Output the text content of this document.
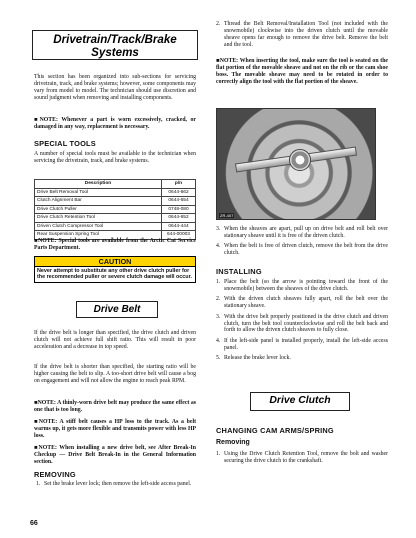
Drivetrain/Track/Brake
Systems

This section has been organized into sub-sections for servicing drivetrain, track, and brake systems; however, some components may vary from model to model. The technician should use discretion and sound judgment when removing and installing components.

■NOTE: Whenever a part is worn excessively, cracked, or damaged in any way, replacement is necessary.

SPECIAL TOOLS

A number of special tools must be available to the technician when servicing the drivetrain, track, and brake systems.

Description	p/n
Drive Belt Removal Tool	0644-662
Clutch Alignment Bar	0644-654
Drive Clutch Puller	0748-080
Drive Clutch Retention Tool	0644-652
Driven Clutch Compressor Tool	0644-444
Rear Suspension Spring Tool	644-00003

■NOTE: Special tools are available from the Arctic Cat Service Parts Department.

CAUTION
Never attempt to substitute any other drive clutch puller for the recommended puller or severe clutch damage will occur.
Drive Belt

If the drive belt is longer than specified, the drive clutch and driven clutch will not achieve full shift ratio. This will result in poor acceleration and a decrease in top speed.

If the drive belt is shorter than specified, the starting ratio will be higher causing the belt to slip. A too-short drive belt will cause a bog on engagement and will not allow the engine to reach peak RPM.

■NOTE: A thinly-worn drive belt may produce the same effect as one that is too long.

■NOTE: A stiff belt causes a HP loss to the track. As a belt warms up, it gets more flexible and transmits power with less HP loss.

■NOTE: When installing a new drive belt, see After Break-In Checkup — Drive Belt Break-In in the General Information section.

REMOVING
1. Set the brake lever lock; then remove the left-side access panel.
66
2. Thread the Belt Removal/Installation Tool (not included with the snowmobile) clockwise into the driven clutch until the movable sheave opens far enough to remove the drive belt. Remove the belt and the tool.

■NOTE: When inserting the tool, make sure the tool is seated on the flat portion of the movable sheave and not on the rib or the cam shoe boss. The movable sheave may need to be rotated in order to correctly align the tool with the flat portion of the sheave.

ZR-407
3. When the sheaves are apart, pull up on drive belt and roll belt over stationary sheave until it is free of the driven clutch.
4. When the belt is free of driven clutch, remove the belt from the drive clutch.
INSTALLING
1. Place the belt (so the arrow is pointing toward the front of the snowmobile) between the sheaves of the drive clutch.
2. With the driven clutch sheaves fully apart, roll the belt over the stationary sheave.
3. With the drive belt properly positioned in the drive clutch and driven clutch, turn the belt tool counterclockwise and roll the belt back and forth to allow the driven clutch sheaves to fully close.
4. If the left-side panel is installed properly, install the left-side access panel.
5. Release the brake lever lock.
Drive Clutch
CHANGING CAM ARMS/SPRING
Removing
1. Using the Drive Clutch Retention Tool, remove the bolt and washer securing the drive clutch to the crankshaft.
